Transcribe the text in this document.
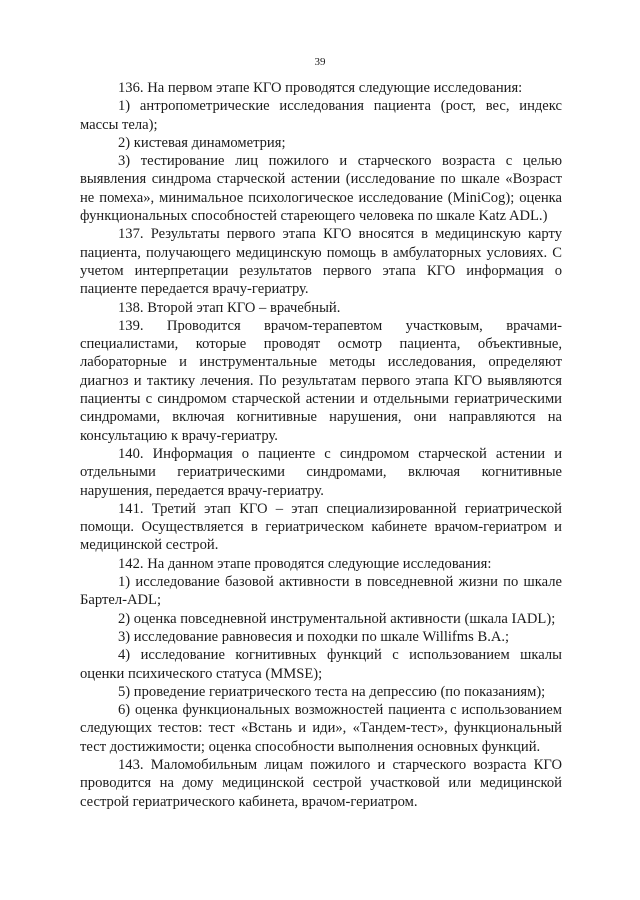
39

136. На первом этапе КГО проводятся следующие исследования:

1) антропометрические исследования пациента (рост, вес, индекс массы тела);

2) кистевая динамометрия;

3) тестирование лиц пожилого и старческого возраста с целью выявления синдрома старческой астении (исследование по шкале «Возраст не помеха», минимальное психологическое исследование (MiniCog); оценка функциональных способностей стареющего человека по шкале Katz ADL.)

137. Результаты первого этапа КГО вносятся в медицинскую карту пациента, получающего медицинскую помощь в амбулаторных условиях. С учетом интерпретации результатов первого этапа КГО информация о пациенте передается врачу-гериатру.

138. Второй этап КГО – врачебный.

139. Проводится врачом-терапевтом участковым, врачами-специалистами, которые проводят осмотр пациента, объективные, лабораторные и инструментальные методы исследования, определяют диагноз и тактику лечения. По результатам первого этапа КГО выявляются пациенты с синдромом старческой астении и отдельными гериатрическими синдромами, включая когнитивные нарушения, они направляются на консультацию к врачу-гериатру.

140. Информация о пациенте с синдромом старческой астении и отдельными гериатрическими синдромами, включая когнитивные нарушения, передается врачу-гериатру.

141. Третий этап КГО – этап специализированной гериатрической помощи. Осуществляется в гериатрическом кабинете врачом-гериатром и медицинской сестрой.

142. На данном этапе проводятся следующие исследования:

1) исследование базовой активности в повседневной жизни по шкале Бартел-ADL;

2) оценка повседневной инструментальной активности (шкала IADL);

3) исследование равновесия и походки по шкале Willifms B.A.;

4) исследование когнитивных функций с использованием шкалы оценки психического статуса (MMSE);

5) проведение гериатрического теста на депрессию (по показаниям);

6) оценка функциональных возможностей пациента с использованием следующих тестов: тест «Встань и иди», «Тандем-тест», функциональный тест достижимости; оценка способности выполнения основных функций.

143. Маломобильным лицам пожилого и старческого возраста КГО проводится на дому медицинской сестрой участковой или медицинской сестрой гериатрического кабинета, врачом-гериатром.
